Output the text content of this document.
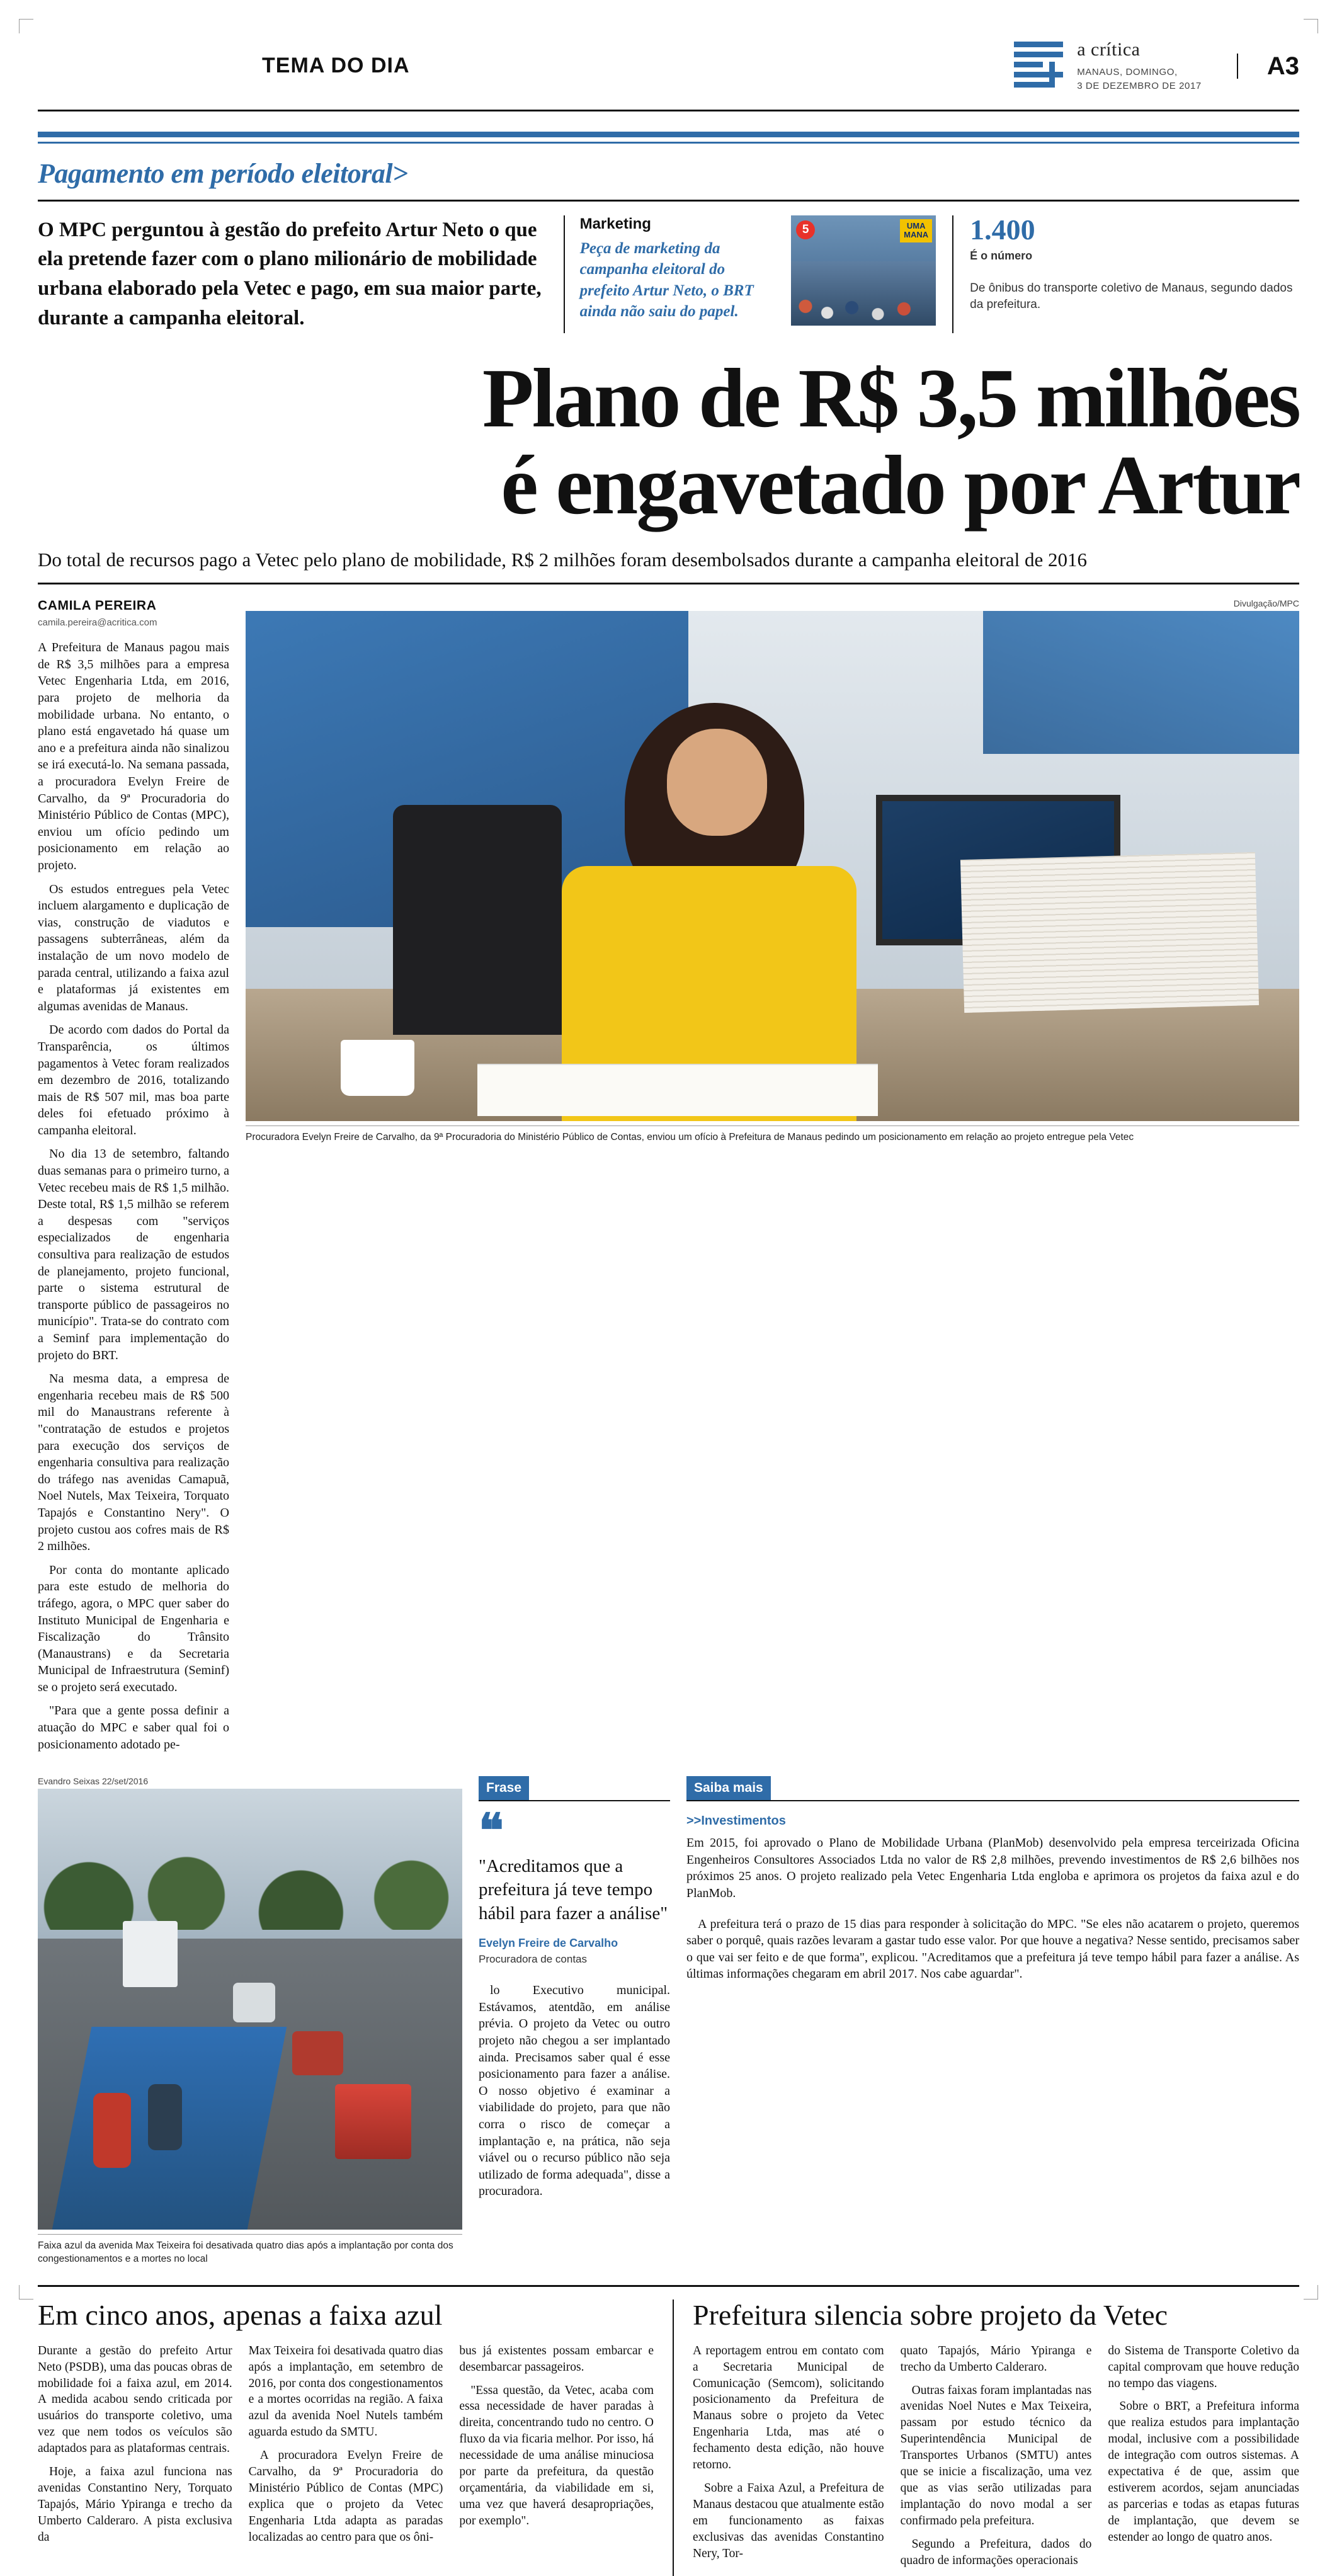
TEMA DO DIA
a crítica
MANAUS, DOMINGO,
3 DE DEZEMBRO DE 2017
A3
Pagamento em período eleitoral>
O MPC perguntou à gestão do prefeito Artur Neto o que ela pretende fazer com o plano milionário de mobilidade urbana elaborado pela Vetec e pago, em sua maior parte, durante a campanha eleitoral.
Marketing
Peça de marketing da campanha eleitoral do prefeito Artur Neto, o BRT ainda não saiu do papel.
5	UMA
MANA 1.400
É o número
De ônibus do transporte coletivo de Manaus, segundo dados da prefeitura.
Plano de R$ 3,5 milhões
é engavetado por Artur
Do total de recursos pago a Vetec pelo plano de mobilidade, R$ 2 milhões foram desembolsados durante a campanha eleitoral de 2016
CAMILA PEREIRA
camila.pereira@acritica.com

A Prefeitura de Manaus pagou mais de R$ 3,5 milhões para a empresa Vetec Engenharia Ltda, em 2016, para projeto de melhoria da mobilidade urbana. No entanto, o plano está engavetado há quase um ano e a prefeitura ainda não sinalizou se irá executá-lo. Na semana passada, a procuradora Evelyn Freire de Carvalho, da 9ª Procuradoria do Ministério Público de Contas (MPC), enviou um ofício pedindo um posicionamento em relação ao projeto.

Os estudos entregues pela Vetec incluem alargamento e duplicação de vias, construção de viadutos e passagens subterrâneas, além da instalação de um novo modelo de parada central, utilizando a faixa azul e plataformas já existentes em algumas avenidas de Manaus.

De acordo com dados do Portal da Transparência, os últimos pagamentos à Vetec foram realizados em dezembro de 2016, totalizando mais de R$ 507 mil, mas boa parte deles foi efetuado próximo à campanha eleitoral.

No dia 13 de setembro, faltando duas semanas para o primeiro turno, a Vetec recebeu mais de R$ 1,5 milhão. Deste total, R$ 1,5 milhão se referem a despesas com "serviços especializados de engenharia consultiva para realização de estudos de planejamento, projeto funcional, parte o sistema estrutural de transporte público de passageiros no município". Trata-se do contrato com a Seminf para implementação do projeto do BRT.

Na mesma data, a empresa de engenharia recebeu mais de R$ 500 mil do Manaustrans referente à "contratação de estudos e projetos para execução dos serviços de engenharia consultiva para realização do tráfego nas avenidas Camapuã, Noel Nutels, Max Teixeira, Torquato Tapajós e Constantino Nery". O projeto custou aos cofres mais de R$ 2 milhões.

Por conta do montante aplicado para este estudo de melhoria do tráfego, agora, o MPC quer saber do Instituto Municipal de Engenharia e Fiscalização do Trânsito (Manaustrans) e da Secretaria Municipal de Infraestrutura (Seminf) se o projeto será executado.

"Para que a gente possa definir a atuação do MPC e saber qual foi o posicionamento adotado pe-

Divulgação/MPC
Procuradora Evelyn Freire de Carvalho, da 9ª Procuradoria do Ministério Público de Contas, enviou um ofício à Prefeitura de Manaus pedindo um posicionamento em relação ao projeto entregue pela Vetec
Evandro Seixas 22/set/2016
Faixa azul da avenida Max Teixeira foi desativada quatro dias após a implantação por conta dos congestionamentos e a mortes no local
Frase
❝
"Acreditamos que a prefeitura já teve tempo hábil para fazer a análise"
Evelyn Freire de Carvalho
Procuradora de contas

lo Executivo municipal. Estávamos, atentdão, em análise prévia. O projeto da Vetec ou outro projeto não chegou a ser implantado ainda. Precisamos saber qual é esse posicionamento para fazer a análise. O nosso objetivo é examinar a viabilidade do projeto, para que não corra o risco de começar a implantação e, na prática, não seja viável ou o recurso público não seja utilizado de forma adequada", disse a procuradora.

Saiba mais
>>Investimentos

Em 2015, foi aprovado o Plano de Mobilidade Urbana (PlanMob) desenvolvido pela empresa terceirizada Oficina Engenheiros Consultores Associados Ltda no valor de R$ 2,8 milhões, prevendo investimentos de R$ 2,6 bilhões nos próximos 25 anos. O projeto realizado pela Vetec Engenharia Ltda engloba e aprimora os projetos da faixa azul e do PlanMob.

A prefeitura terá o prazo de 15 dias para responder à solicitação do MPC. "Se eles não acatarem o projeto, queremos saber o porquê, quais razões levaram a gastar tudo esse valor. Por que houve a negativa? Nesse sentido, precisamos saber o que vai ser feito e de que forma", explicou. "Acreditamos que a prefeitura já teve tempo hábil para fazer a análise. As últimas informações chegaram em abril 2017. Nos cabe aguardar".

Em cinco anos, apenas a faixa azul

Durante a gestão do prefeito Artur Neto (PSDB), uma das poucas obras de mobilidade foi a faixa azul, em 2014. A medida acabou sendo criticada por usuários do transporte coletivo, uma vez que nem todos os veículos são adaptados para as plataformas centrais.

Hoje, a faixa azul funciona nas avenidas Constantino Nery, Torquato Tapajós, Mário Ypiranga e trecho da Umberto Calderaro. A pista exclusiva da

Max Teixeira foi desativada quatro dias após a implantação, em setembro de 2016, por conta dos congestionamentos e a mortes ocorridas na região. A faixa azul da avenida Noel Nutels também aguarda estudo da SMTU.

A procuradora Evelyn Freire de Carvalho, da 9ª Procuradoria do Ministério Público de Contas (MPC) explica que o projeto da Vetec Engenharia Ltda adapta as paradas localizadas ao centro para que os ôni-

bus já existentes possam embarcar e desembarcar passageiros.

"Essa questão, da Vetec, acaba com essa necessidade de haver paradas à direita, concentrando tudo no centro. O fluxo da via ficaria melhor. Por isso, há necessidade de uma análise minuciosa por parte da prefeitura, da questão orçamentária, da viabilidade em si, uma vez que haverá desapropriações, por exemplo".

Prefeitura silencia sobre projeto da Vetec

A reportagem entrou em contato com a Secretaria Municipal de Comunicação (Semcom), solicitando posicionamento da Prefeitura de Manaus sobre o projeto da Vetec Engenharia Ltda, mas até o fechamento desta edição, não houve retorno.

Sobre a Faixa Azul, a Prefeitura de Manaus destacou que atualmente estão em funcionamento as faixas exclusivas das avenidas Constantino Nery, Tor-

quato Tapajós, Mário Ypiranga e trecho da Umberto Calderaro.

Outras faixas foram implantadas nas avenidas Noel Nutes e Max Teixeira, passam por estudo técnico da Superintendência Municipal de Transportes Urbanos (SMTU) antes que se inicie a fiscalização, uma vez que as vias serão utilizadas para implantação do novo modal a ser confirmado pela prefeitura.

Segundo a Prefeitura, dados do quadro de informações operacionais

do Sistema de Transporte Coletivo da capital comprovam que houve redução no tempo das viagens.

Sobre o BRT, a Prefeitura informa que realiza estudos para implantação modal, inclusive com a possibilidade de integração com outros sistemas. A expectativa é de que, assim que estiverem acordos, sejam anunciadas as parcerias e todas as etapas futuras de implantação, que devem se estender ao longo de quatro anos.
